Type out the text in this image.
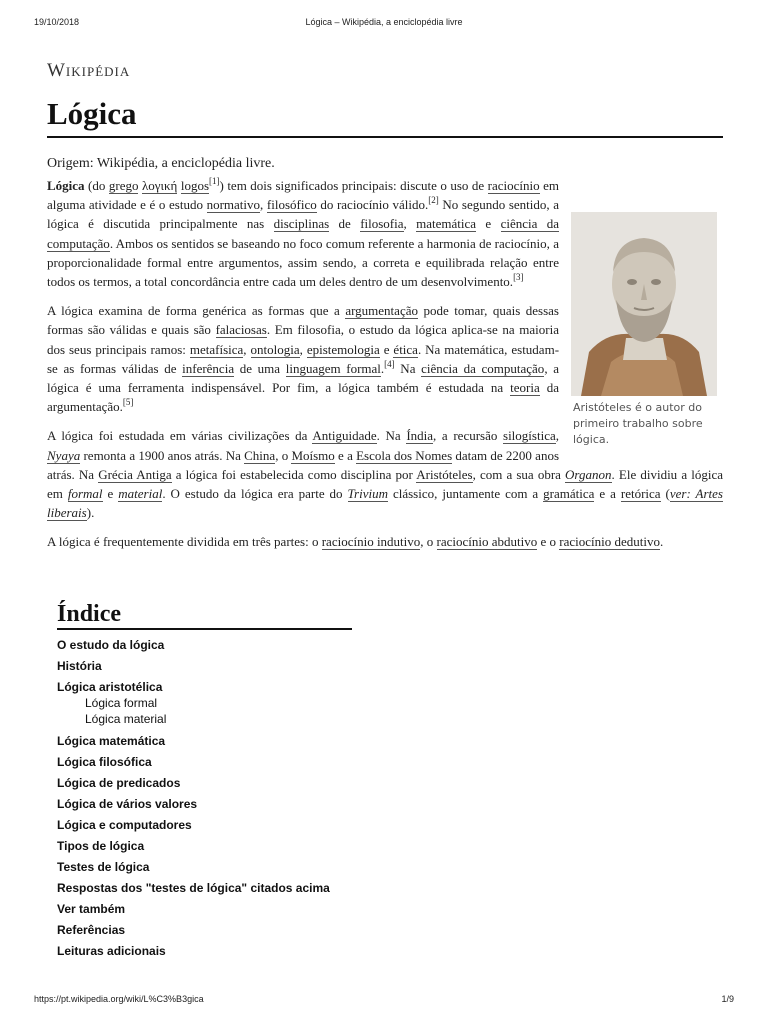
19/10/2018	Lógica – Wikipédia, a enciclopédia livre
Wikipédia
Lógica
Origem: Wikipédia, a enciclopédia livre.
Aristóteles é o autor do primeiro trabalho sobre lógica.

Lógica (do grego λογική logos[1]) tem dois significados principais: discute o uso de raciocínio em alguma atividade e é o estudo normativo, filosófico do raciocínio válido.[2] No segundo sentido, a lógica é discutida principalmente nas disciplinas de filosofia, matemática e ciência da computação. Ambos os sentidos se baseando no foco comum referente a harmonia de raciocínio, a proporcionalidade formal entre argumentos, assim sendo, a correta e equilibrada relação entre todos os termos, a total concordância entre cada um deles dentro de um desenvolvimento.[3]

A lógica examina de forma genérica as formas que a argumentação pode tomar, quais dessas formas são válidas e quais são falaciosas. Em filosofia, o estudo da lógica aplica-se na maioria dos seus principais ramos: metafísica, ontologia, epistemologia e ética. Na matemática, estudam-se as formas válidas de inferência de uma linguagem formal.[4] Na ciência da computação, a lógica é uma ferramenta indispensável. Por fim, a lógica também é estudada na teoria da argumentação.[5]

A lógica foi estudada em várias civilizações da Antiguidade. Na Índia, a recursão silogística, Nyaya remonta a 1900 anos atrás. Na China, o Moísmo e a Escola dos Nomes datam de 2200 anos atrás. Na Grécia Antiga a lógica foi estabelecida como disciplina por Aristóteles, com a sua obra Organon. Ele dividiu a lógica em formal e material. O estudo da lógica era parte do Trivium clássico, juntamente com a gramática e a retórica (ver: Artes liberais).

A lógica é frequentemente dividida em três partes: o raciocínio indutivo, o raciocínio abdutivo e o raciocínio dedutivo.

Índice
O estudo da lógica
História
Lógica aristotélica
Lógica formal
Lógica material
Lógica matemática
Lógica filosófica
Lógica de predicados
Lógica de vários valores
Lógica e computadores
Tipos de lógica
Testes de lógica
Respostas dos "testes de lógica" citados acima
Ver também
Referências
Leituras adicionais
https://pt.wikipedia.org/wiki/L%C3%B3gica	1/9
